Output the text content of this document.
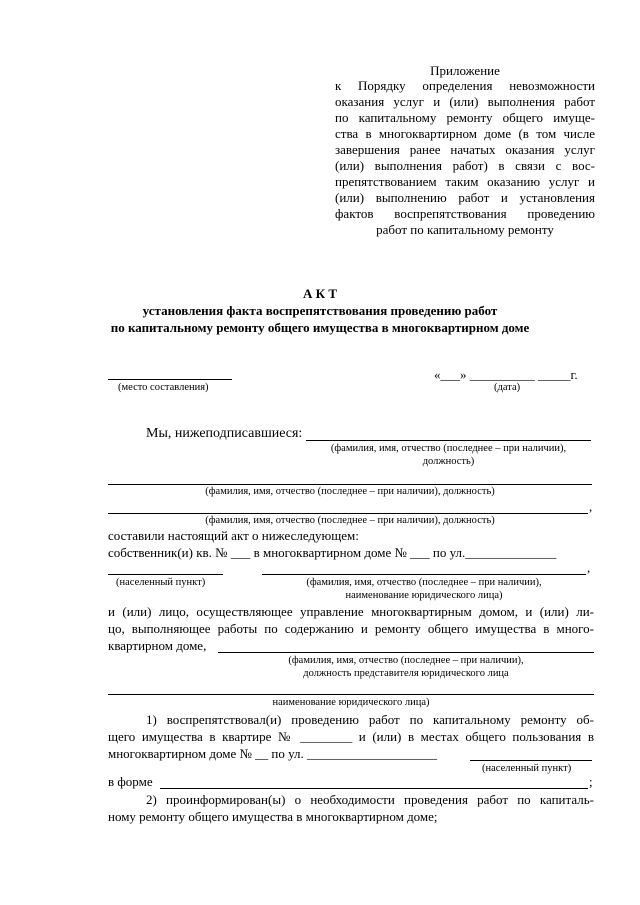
Приложение
к Порядку определения невозможности
оказания услуг и (или) выполнения работ
по капитальному ремонту общего имуще-
ства в многоквартирном доме (в том числе
завершения ранее начатых оказания услуг
(или) выполнения работ) в связи с вос-
препятствованием таким оказанию услуг и
(или) выполнению работ и установления
фактов воспрепятствования проведению
работ по капитальному ремонту
А К Т
установления факта воспрепятствования проведению работ
по капитальному ремонту общего имущества в многоквартирном доме
(место составления)
«___» __________ _____г.
(дата)
Мы, нижеподписавшиеся:
(фамилия, имя, отчество (последнее – при наличии),
должность)
(фамилия, имя, отчество (последнее – при наличии), должность)
,
(фамилия, имя, отчество (последнее – при наличии), должность)
составили настоящий акт о нижеследующем:
собственник(и) кв. № ___ в многоквартирном доме № ___ по ул.______________
,
(населенный пункт)	(фамилия, имя, отчество (последнее – при наличии),
наименование юридического лица)
и (или) лицо, осуществляющее управление многоквартирным домом, и (или) ли-
цо, выполняющее работы по содержанию и ремонту общего имущества в много-
квартирном доме,
(фамилия, имя, отчество (последнее – при наличии),
должность представителя юридического лица
наименование юридического лица)
1) воспрепятствовал(и) проведению работ по капитальному ремонту об-
щего имущества в квартире № ________ и (или) в местах общего пользования в
многоквартирном доме № __ по ул. ____________________
(населенный пункт)
в форме	;
2) проинформирован(ы) о необходимости проведения работ по капиталь-
ному ремонту общего имущества в многоквартирном доме;
